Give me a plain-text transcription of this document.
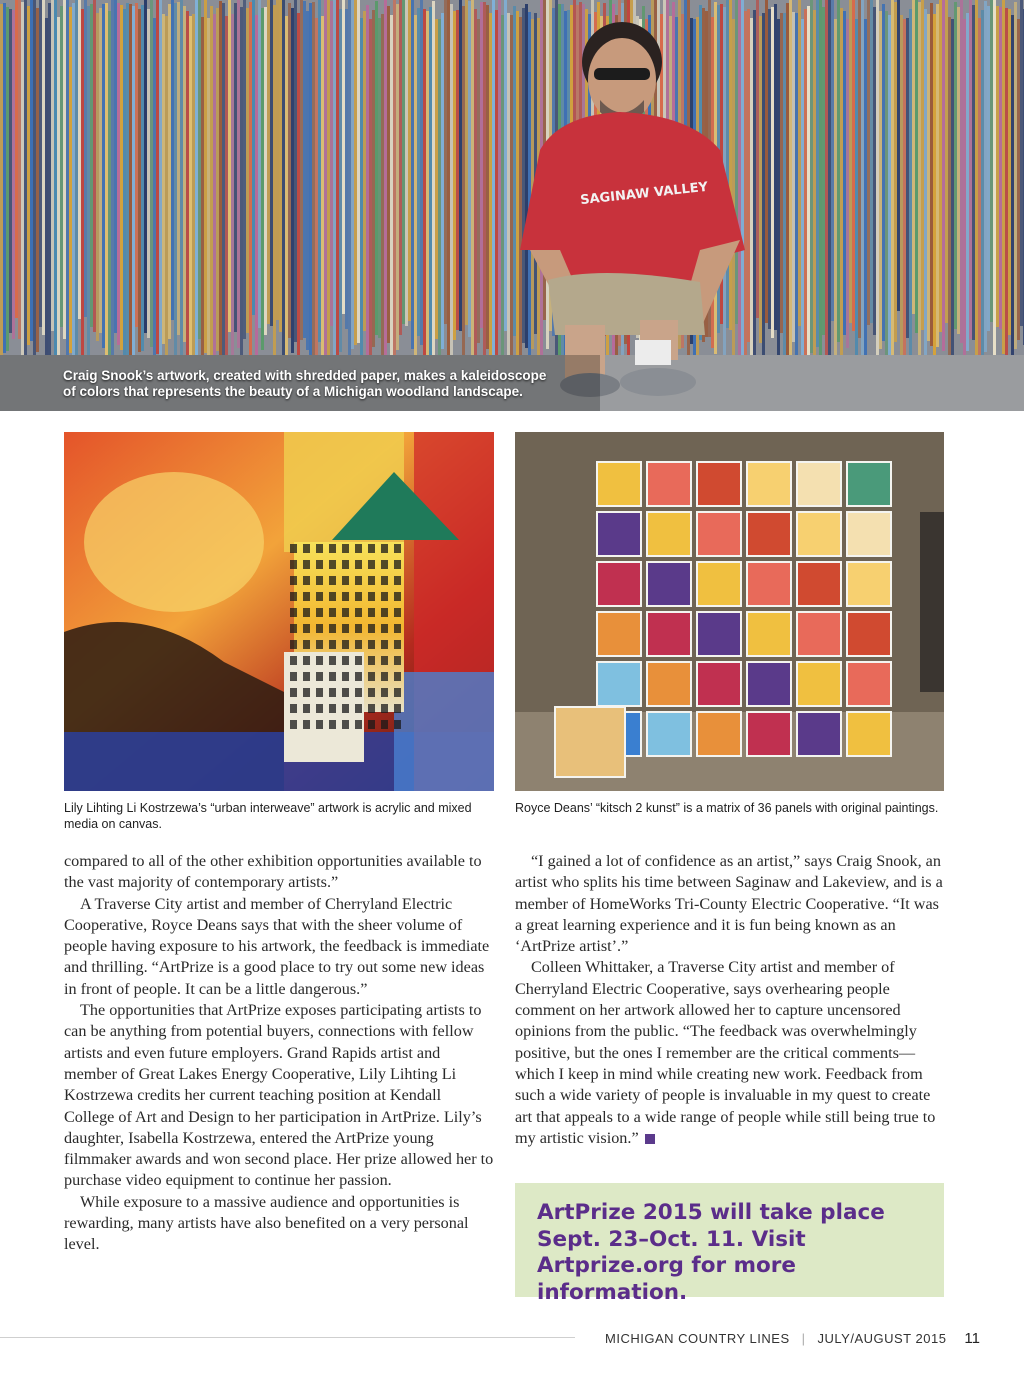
SAGINAW VALLEY
Craig Snook’s artwork, created with shredded paper, makes a kaleidoscope
of colors that represents the beauty of a Michigan woodland landscape.
Lily Lihting Li Kostrzewa’s “urban interweave” artwork is acrylic and mixed media on canvas.
Royce Deans’ “kitsch 2 kunst” is a matrix of 36 panels with original paintings.

compared to all of the other exhibition opportunities available to the vast majority of contemporary artists.”

A Traverse City artist and member of Cherryland Electric Cooperative, Royce Deans says that with the sheer volume of people having exposure to his artwork, the feedback is immediate and thrilling. “ArtPrize is a good place to try out some new ideas in front of people. It can be a little dangerous.”

The opportunities that ArtPrize exposes participating artists to can be anything from potential buyers, connections with fellow artists and even future employers. Grand Rapids artist and member of Great Lakes Energy Cooperative, Lily Lihting Li Kostrzewa credits her current teaching position at Kendall College of Art and Design to her participation in ArtPrize. Lily’s daughter, Isabella Kostrzewa, entered the ArtPrize young filmmaker awards and won second place. Her prize allowed her to purchase video equipment to continue her passion.

While exposure to a massive audience and opportunities is rewarding, many artists have also benefited on a very personal level.

“I gained a lot of confidence as an artist,” says Craig Snook, an artist who splits his time between Saginaw and Lakeview, and is a member of HomeWorks Tri-County Electric Cooperative. “It was a great learning experience and it is fun being known as an ‘ArtPrize artist’.”

Colleen Whittaker, a Traverse City artist and member of Cherryland Electric Cooperative, says overhearing people comment on her artwork allowed her to capture uncensored opinions from the public. “The feedback was overwhelmingly positive, but the ones I remember are the critical comments—which I keep in mind while creating new work. Feedback from such a wide variety of people is invaluable in my quest to create art that appeals to a wide range of people while still being true to my artistic vision.”

ArtPrize 2015 will take place Sept. 23–Oct. 11. Visit Artprize.org for more information.
MICHIGAN COUNTRY LINES | JULY/AUGUST 2015 11
